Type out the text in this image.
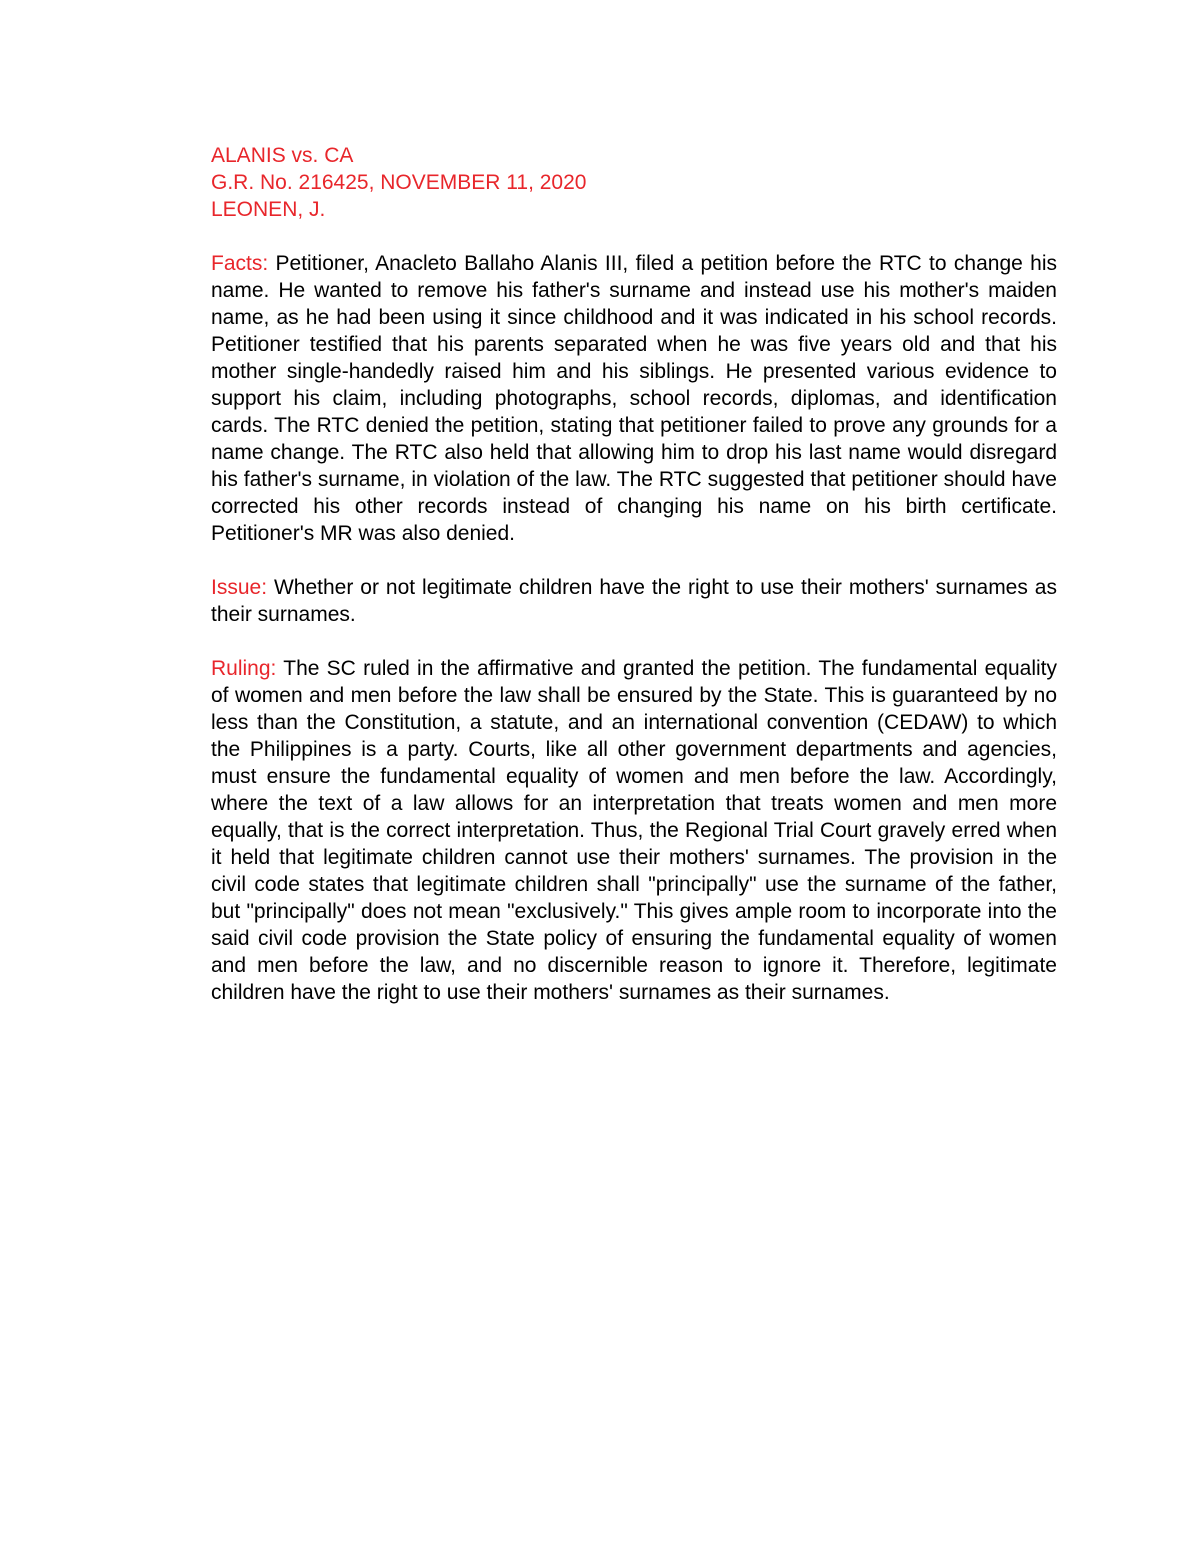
ALANIS vs. CA
G.R. No. 216425, NOVEMBER 11, 2020
LEONEN, J.

Facts: Petitioner, Anacleto Ballaho Alanis III, filed a petition before the RTC to change his name. He wanted to remove his father's surname and instead use his mother's maiden name, as he had been using it since childhood and it was indicated in his school records. Petitioner testified that his parents separated when he was five years old and that his mother single-handedly raised him and his siblings. He presented various evidence to support his claim, including photographs, school records, diplomas, and identification cards. The RTC denied the petition, stating that petitioner failed to prove any grounds for a name change. The RTC also held that allowing him to drop his last name would disregard his father's surname, in violation of the law. The RTC suggested that petitioner should have corrected his other records instead of changing his name on his birth certificate. Petitioner's MR was also denied.

Issue: Whether or not legitimate children have the right to use their mothers' surnames as their surnames.

Ruling: The SC ruled in the affirmative and granted the petition. The fundamental equality of women and men before the law shall be ensured by the State. This is guaranteed by no less than the Constitution, a statute, and an international convention (CEDAW) to which the Philippines is a party. Courts, like all other government departments and agencies, must ensure the fundamental equality of women and men before the law. Accordingly, where the text of a law allows for an interpretation that treats women and men more equally, that is the correct interpretation. Thus, the Regional Trial Court gravely erred when it held that legitimate children cannot use their mothers' surnames. The provision in the civil code states that legitimate children shall "principally" use the surname of the father, but "principally" does not mean "exclusively." This gives ample room to incorporate into the said civil code provision the State policy of ensuring the fundamental equality of women and men before the law, and no discernible reason to ignore it. Therefore, legitimate children have the right to use their mothers' surnames as their surnames.
